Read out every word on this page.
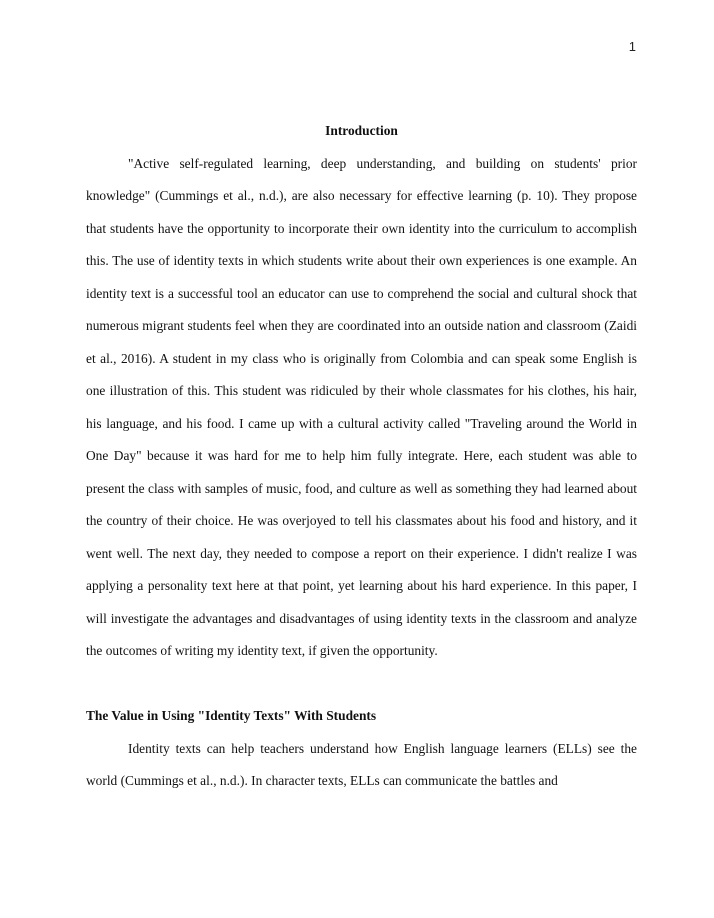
1

Introduction

"Active self-regulated learning, deep understanding, and building on students' prior knowledge" (Cummings et al., n.d.), are also necessary for effective learning (p. 10). They propose that students have the opportunity to incorporate their own identity into the curriculum to accomplish this. The use of identity texts in which students write about their own experiences is one example. An identity text is a successful tool an educator can use to comprehend the social and cultural shock that numerous migrant students feel when they are coordinated into an outside nation and classroom (Zaidi et al., 2016). A student in my class who is originally from Colombia and can speak some English is one illustration of this. This student was ridiculed by their whole classmates for his clothes, his hair, his language, and his food. I came up with a cultural activity called "Traveling around the World in One Day" because it was hard for me to help him fully integrate. Here, each student was able to present the class with samples of music, food, and culture as well as something they had learned about the country of their choice. He was overjoyed to tell his classmates about his food and history, and it went well. The next day, they needed to compose a report on their experience. I didn't realize I was applying a personality text here at that point, yet learning about his hard experience. In this paper, I will investigate the advantages and disadvantages of using identity texts in the classroom and analyze the outcomes of writing my identity text, if given the opportunity.

The Value in Using "Identity Texts" With Students

Identity texts can help teachers understand how English language learners (ELLs) see the world (Cummings et al., n.d.). In character texts, ELLs can communicate the battles and
